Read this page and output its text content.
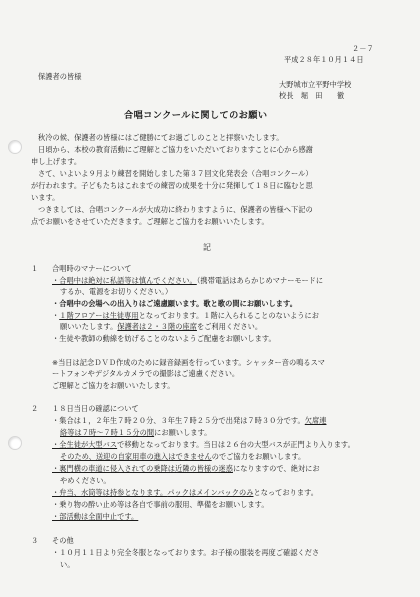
２－７
平成２８年１０月１４日
保護者の皆様
大野城市立平野中学校
校長　堀　田　　徹
合唱コンクールに関してのお願い
秋冷の候、保護者の皆様にはご健勝にてお過ごしのことと拝察いたします。
日頃から、本校の教育活動にご理解とご協力をいただいておりますことに心から感謝
申し上げます。
さて、いよいよ９月より練習を開始しました第３７回文化発表会（合唱コンクール）
が行われます。子どもたちはこれまでの練習の成果を十分に発揮して１８日に臨むと思
います。
つきましては、合唱コンクールが大成功に終わりますように、保護者の皆様へ下記の
点でお願いをさせていただきます。ご理解とご協力をお願いいたします。
記
１ 合唱時のマナーについて
・合唱中は絶対に私語等は慎んでください。（携帯電話はあらかじめマナーモードに
するか、電源をお切りください。）
・合唱中の会場への出入りはご遠慮願います。歌と歌の間にお願いします。
・１階フロアーは生徒専用となっております。１階に入られることのないようにお
願いいたします。保護者は２・３階の座席をご利用ください。
・生徒や教師の動線を妨げることのないようご配慮をお願いします。
※当日は記念ＤＶＤ作成のために録音録画を行っています。シャッター音の鳴るスマ
ートフォンやデジタルカメラでの撮影はご遠慮ください。
ご理解とご協力をお願いいたします。
２ １８日当日の確認について
・集合は１，２年生７時２０分、３年生７時２５分で出発は７時３０分です。欠席連
絡等は７時～７時１５分の間にお願いします。
・全生徒が大型バスで移動となっております。当日は２６台の大型バスが正門より入ります。
そのため、送迎の自家用車の進入はできませんのでご協力をお願いします。
・裏門横の車道に侵入されての乗降は近隣の皆様の迷惑になりますので、絶対にお
やめください。
・弁当、水筒等は持参となります。パックはメインバックのみとなっております。
・乗り物の酔い止め等は各自で事前の服用、準備をお願いします。
・部活動は全面中止です。
３ その他
・１０月１１日より完全冬服となっております。お子様の服装を再度ご確認くださ
い。
